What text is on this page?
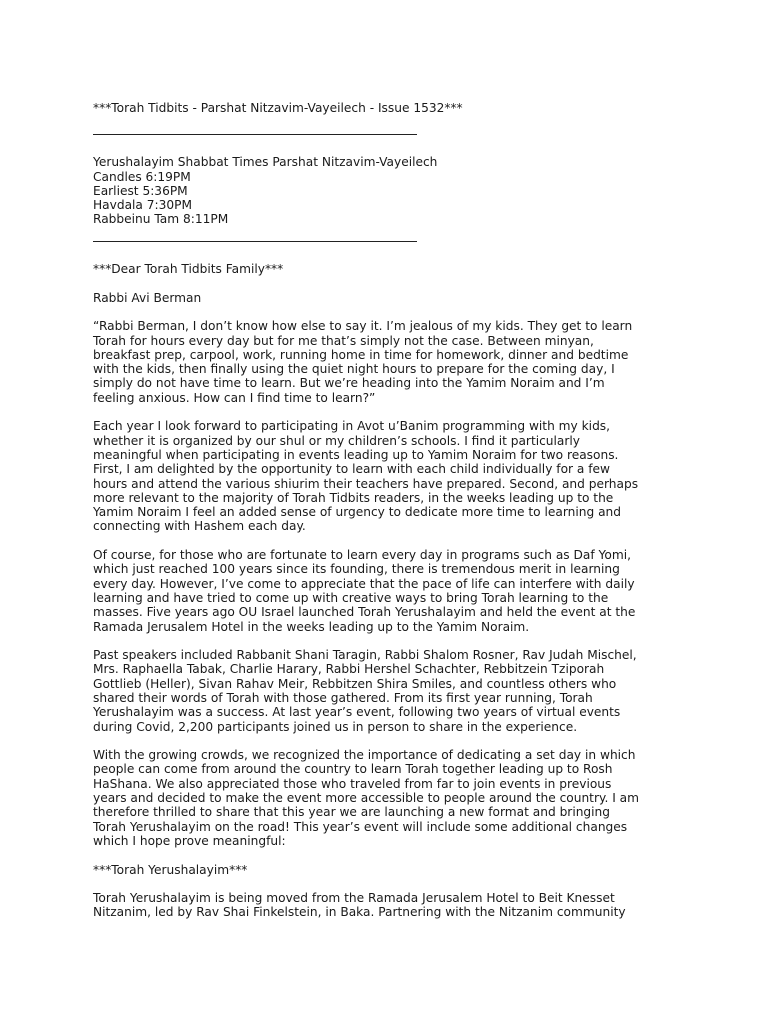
***Torah Tidbits - Parshat Nitzavim-Vayeilech - Issue 1532***

Yerushalayim Shabbat Times Parshat Nitzavim-Vayeilech
Candles 6:19PM
Earliest 5:36PM
Havdala 7:30PM
Rabbeinu Tam 8:11PM

***Dear Torah Tidbits Family***

Rabbi Avi Berman

“Rabbi Berman, I don’t know how else to say it. I’m jealous of my kids. They get to learn
Torah for hours every day but for me that’s simply not the case. Between minyan,
breakfast prep, carpool, work, running home in time for homework, dinner and bedtime
with the kids, then finally using the quiet night hours to prepare for the coming day, I
simply do not have time to learn. But we’re heading into the Yamim Noraim and I’m
feeling anxious. How can I find time to learn?”

Each year I look forward to participating in Avot u’Banim programming with my kids,
whether it is organized by our shul or my children’s schools. I find it particularly
meaningful when participating in events leading up to Yamim Noraim for two reasons.
First, I am delighted by the opportunity to learn with each child individually for a few
hours and attend the various shiurim their teachers have prepared. Second, and perhaps
more relevant to the majority of Torah Tidbits readers, in the weeks leading up to the
Yamim Noraim I feel an added sense of urgency to dedicate more time to learning and
connecting with Hashem each day.

Of course, for those who are fortunate to learn every day in programs such as Daf Yomi,
which just reached 100 years since its founding, there is tremendous merit in learning
every day. However, I’ve come to appreciate that the pace of life can interfere with daily
learning and have tried to come up with creative ways to bring Torah learning to the
masses. Five years ago OU Israel launched Torah Yerushalayim and held the event at the
Ramada Jerusalem Hotel in the weeks leading up to the Yamim Noraim.

Past speakers included Rabbanit Shani Taragin, Rabbi Shalom Rosner, Rav Judah Mischel,
Mrs. Raphaella Tabak, Charlie Harary, Rabbi Hershel Schachter, Rebbitzein Tziporah
Gottlieb (Heller), Sivan Rahav Meir, Rebbitzen Shira Smiles, and countless others who
shared their words of Torah with those gathered. From its first year running, Torah
Yerushalayim was a success. At last year’s event, following two years of virtual events
during Covid, 2,200 participants joined us in person to share in the experience.

With the growing crowds, we recognized the importance of dedicating a set day in which
people can come from around the country to learn Torah together leading up to Rosh
HaShana. We also appreciated those who traveled from far to join events in previous
years and decided to make the event more accessible to people around the country. I am
therefore thrilled to share that this year we are launching a new format and bringing
Torah Yerushalayim on the road! This year’s event will include some additional changes
which I hope prove meaningful:

***Torah Yerushalayim***

Torah Yerushalayim is being moved from the Ramada Jerusalem Hotel to Beit Knesset
Nitzanim, led by Rav Shai Finkelstein, in Baka. Partnering with the Nitzanim community
